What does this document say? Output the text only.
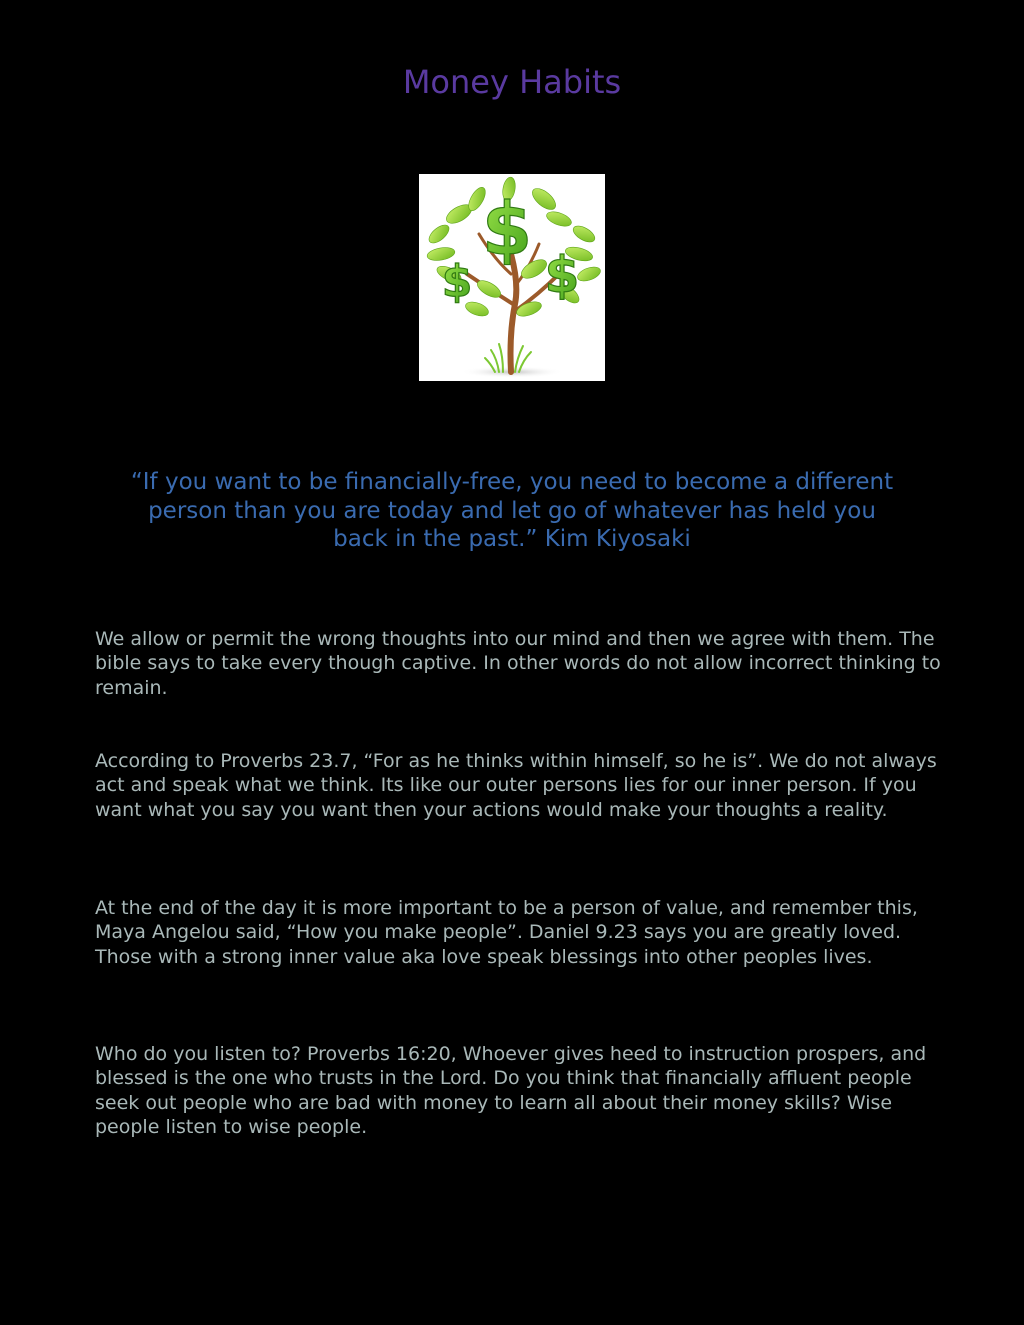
Money Habits
$
$ $

“If you want to be financially-free, you need to become a different person than you are today and let go of whatever has held you back in the past.” Kim Kiyosaki

We allow or permit the wrong thoughts into our mind and then we agree with them. The bible says to take every though captive. In other words do not allow incorrect thinking to remain.

According to Proverbs 23.7, “For as he thinks within himself, so he is”. We do not always act and speak what we think. Its like our outer persons lies for our inner person. If you want what you say you want then your actions would make your thoughts a reality.

At the end of the day it is more important to be a person of value, and remember this, Maya Angelou said, “How you make people”. Daniel 9.23 says you are greatly loved. Those with a strong inner value aka love speak blessings into other peoples lives.

Who do you listen to? Proverbs 16:20, Whoever gives heed to instruction prospers, and blessed is the one who trusts in the Lord. Do you think that financially affluent people seek out people who are bad with money to learn all about their money skills? Wise people listen to wise people.
